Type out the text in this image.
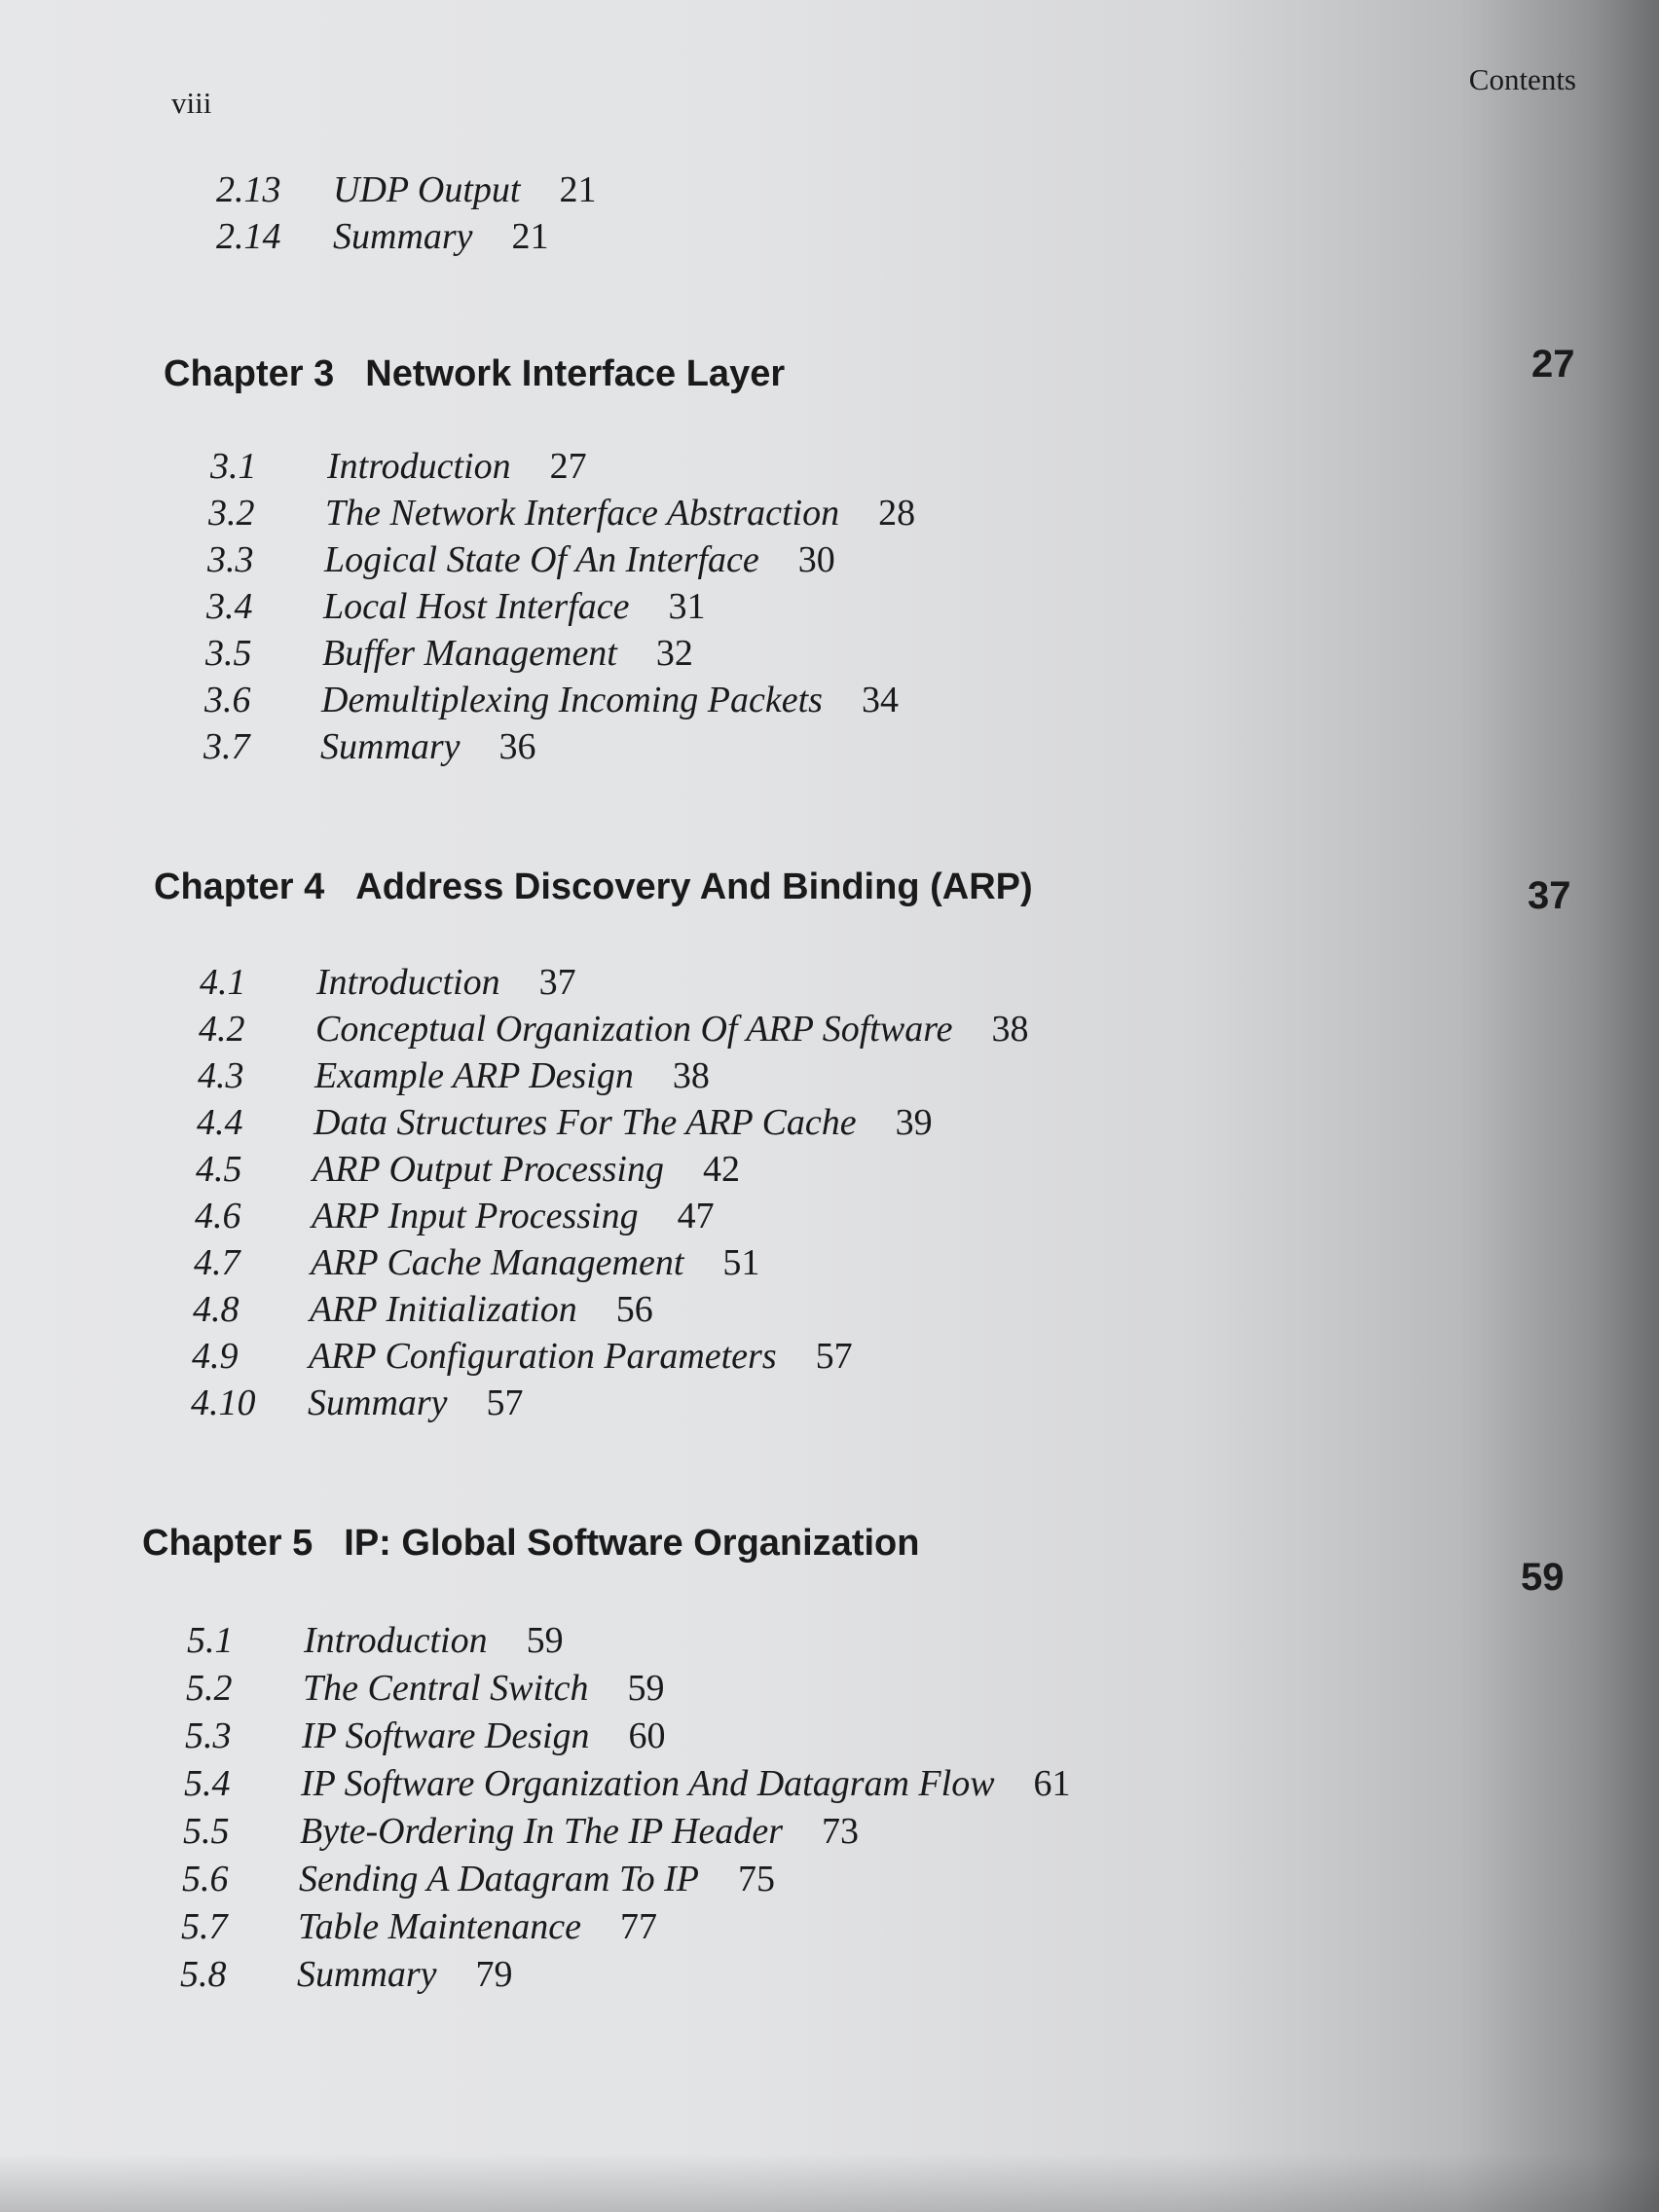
viii
Contents
2.13 UDP Output 21
2.14 Summary 21
Chapter 3 Network Interface Layer	27
3.1 Introduction 27
3.2 The Network Interface Abstraction 28
3.3 Logical State Of An Interface 30
3.4 Local Host Interface 31
3.5 Buffer Management 32
3.6 Demultiplexing Incoming Packets 34
3.7 Summary 36
Chapter 4 Address Discovery And Binding (ARP)	37
4.1 Introduction 37
4.2 Conceptual Organization Of ARP Software 38
4.3 Example ARP Design 38
4.4 Data Structures For The ARP Cache 39
4.5 ARP Output Processing 42
4.6 ARP Input Processing 47
4.7 ARP Cache Management 51
4.8 ARP Initialization 56
4.9 ARP Configuration Parameters 57
4.10 Summary 57
Chapter 5 IP: Global Software Organization
59
5.1 Introduction 59
5.2 The Central Switch 59
5.3 IP Software Design 60
5.4 IP Software Organization And Datagram Flow 61
5.5 Byte-Ordering In The IP Header 73
5.6 Sending A Datagram To IP 75
5.7 Table Maintenance 77
5.8 Summary 79
